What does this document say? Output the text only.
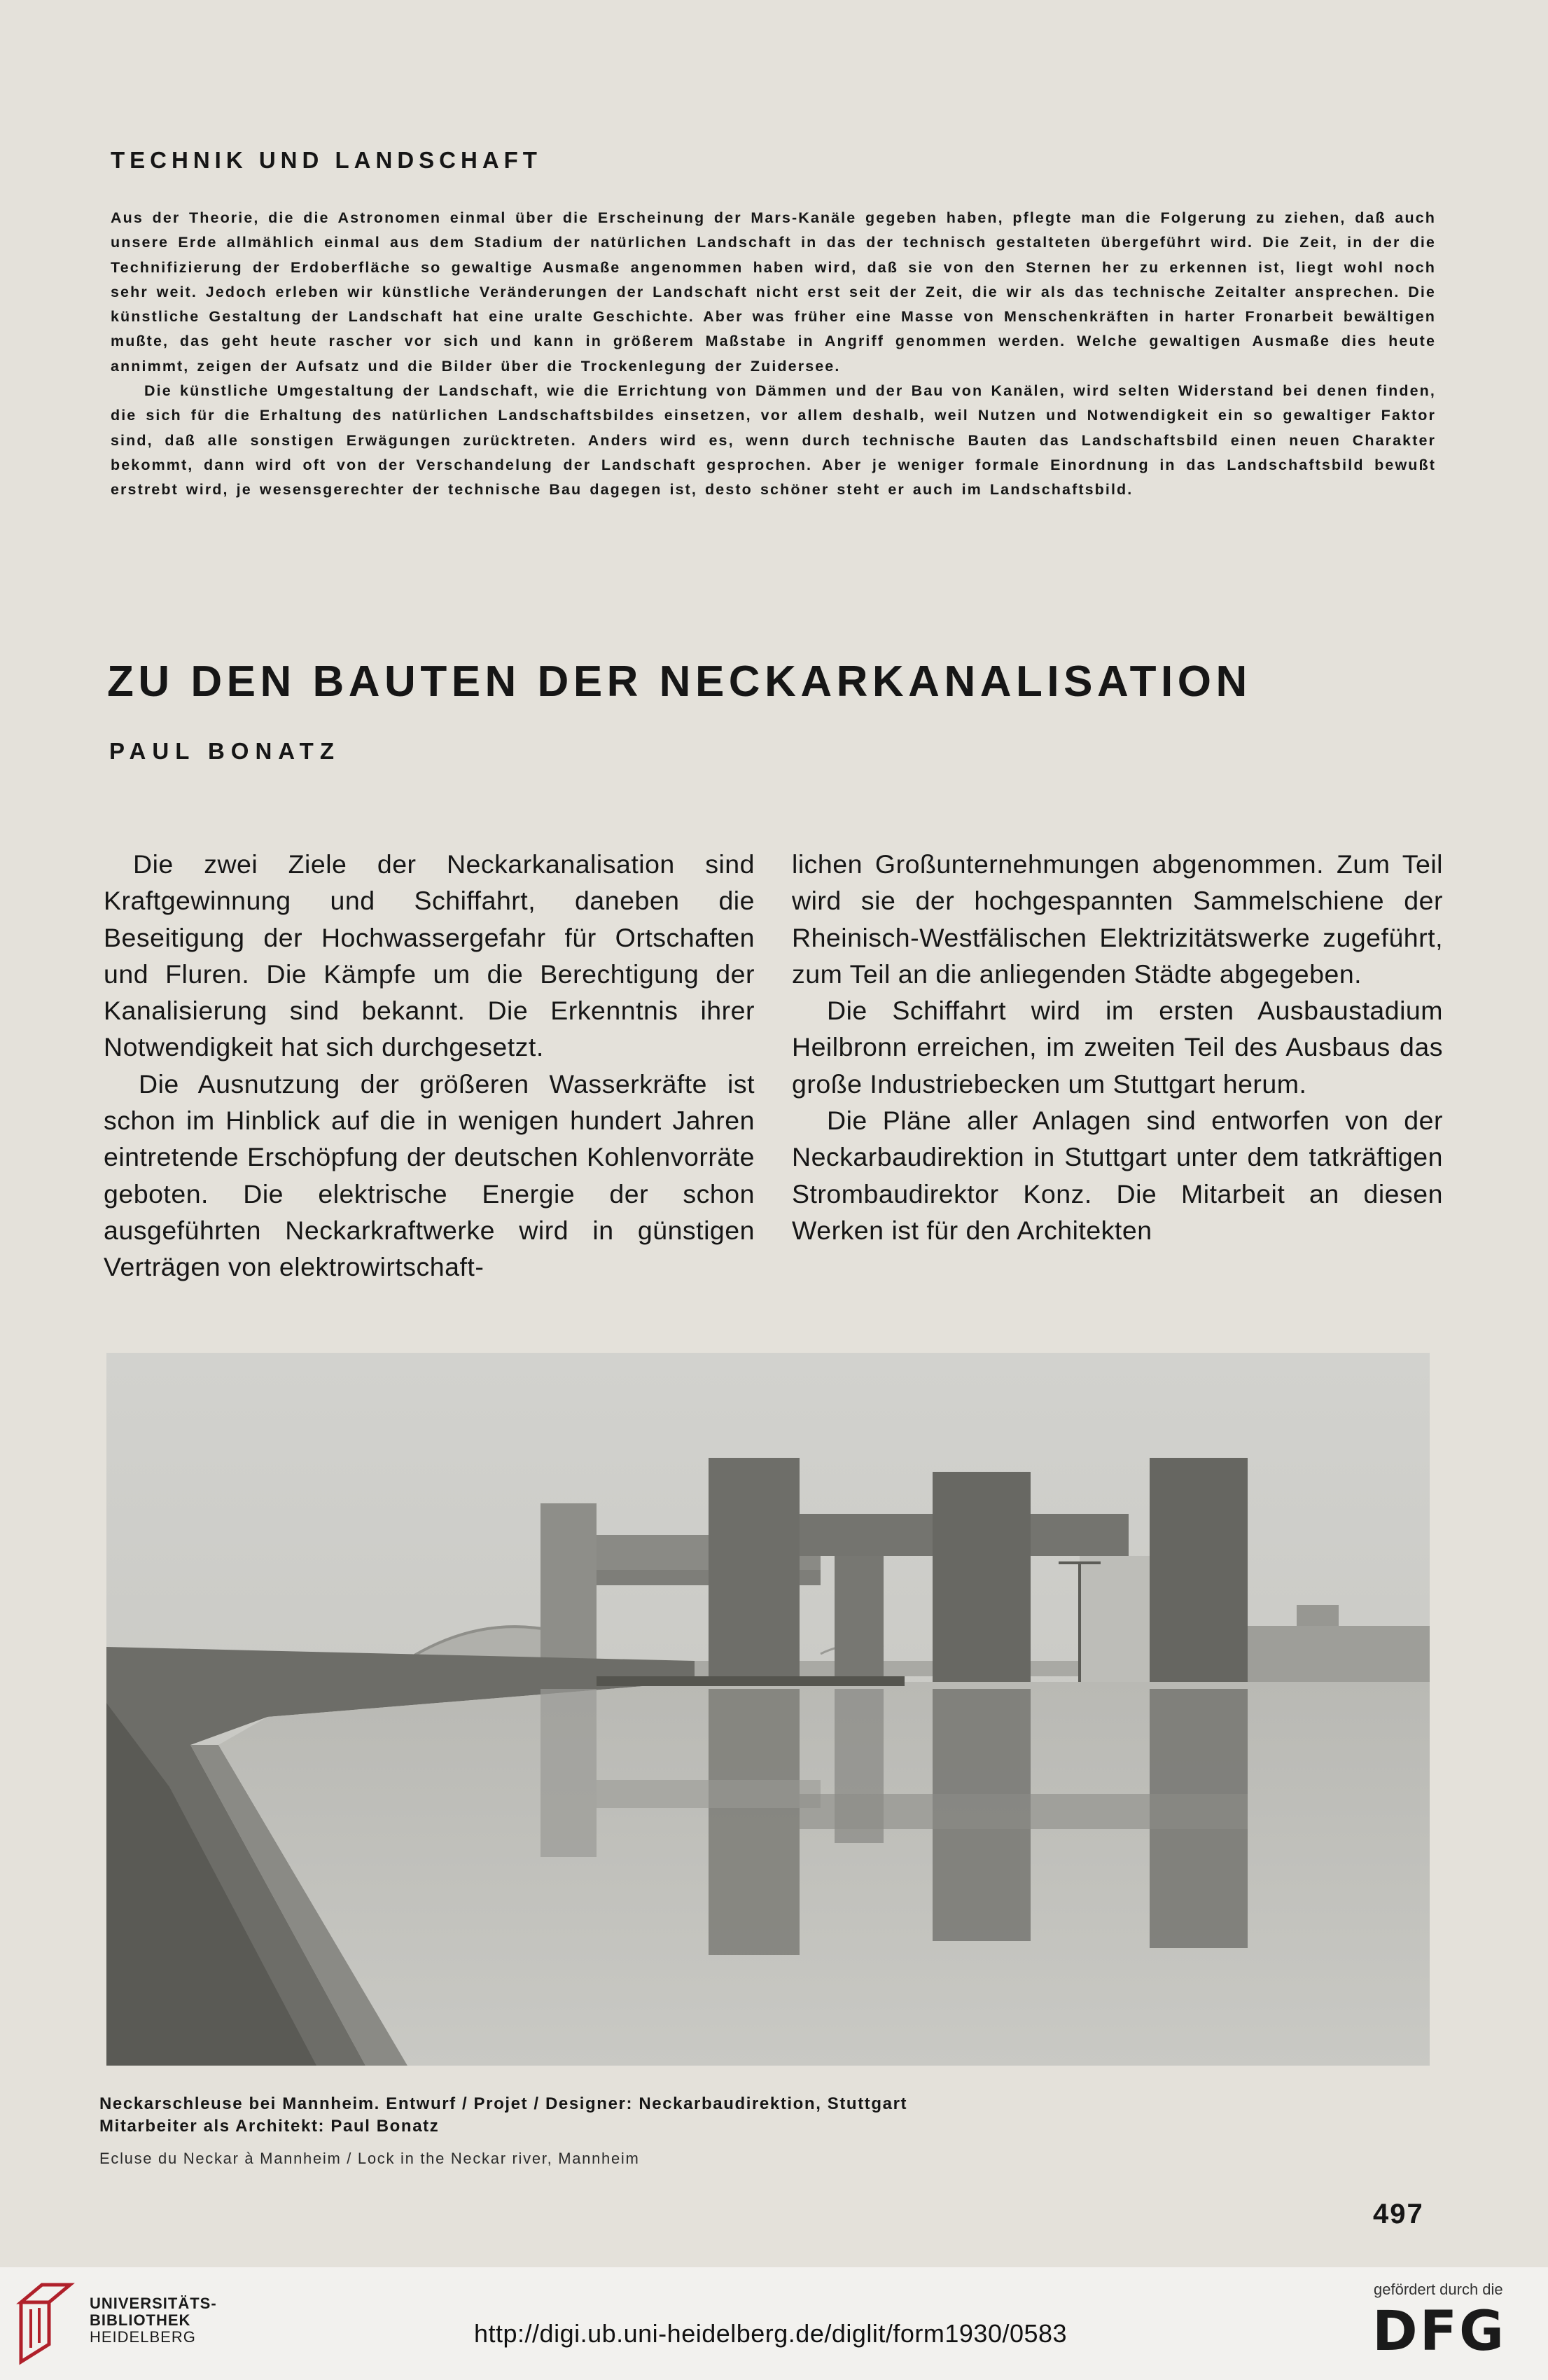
TECHNIK UND LANDSCHAFT

Aus der Theorie, die die Astronomen einmal über die Erscheinung der Mars-Kanäle gegeben haben, pflegte man die Folgerung zu ziehen, daß auch unsere Erde allmählich einmal aus dem Stadium der natürlichen Landschaft in das der technisch gestalteten übergeführt wird. Die Zeit, in der die Technifizierung der Erdoberfläche so gewaltige Ausmaße angenommen haben wird, daß sie von den Sternen her zu erkennen ist, liegt wohl noch sehr weit. Jedoch erleben wir künstliche Veränderungen der Landschaft nicht erst seit der Zeit, die wir als das technische Zeitalter ansprechen. Die künstliche Gestaltung der Landschaft hat eine uralte Geschichte. Aber was früher eine Masse von Menschenkräften in harter Fronarbeit bewältigen mußte, das geht heute rascher vor sich und kann in größerem Maßstabe in Angriff genommen werden. Welche gewaltigen Ausmaße dies heute annimmt, zeigen der Aufsatz und die Bilder über die Trockenlegung der Zuidersee.

Die künstliche Umgestaltung der Landschaft, wie die Errichtung von Dämmen und der Bau von Kanälen, wird selten Widerstand bei denen finden, die sich für die Erhaltung des natürlichen Landschaftsbildes einsetzen, vor allem deshalb, weil Nutzen und Notwendigkeit ein so gewaltiger Faktor sind, daß alle sonstigen Erwägungen zurücktreten. Anders wird es, wenn durch technische Bauten das Landschaftsbild einen neuen Charakter bekommt, dann wird oft von der Verschandelung der Landschaft gesprochen. Aber je weniger formale Einordnung in das Landschaftsbild bewußt erstrebt wird, je wesensgerechter der technische Bau dagegen ist, desto schöner steht er auch im Landschaftsbild.

ZU DEN BAUTEN DER NECKARKANALISATION
PAUL BONATZ

Die zwei Ziele der Neckarkanalisation sind Kraftgewinnung und Schiffahrt, daneben die Beseitigung der Hochwassergefahr für Ortschaften und Fluren. Die Kämpfe um die Berechtigung der Kanalisierung sind bekannt. Die Erkenntnis ihrer Notwendigkeit hat sich durchgesetzt.

Die Ausnutzung der größeren Wasserkräfte ist schon im Hinblick auf die in wenigen hundert Jahren eintretende Erschöpfung der deutschen Kohlenvorräte geboten. Die elektrische Energie der schon ausgeführten Neckarkraftwerke wird in günstigen Verträgen von elektrowirtschaft-

lichen Großunternehmungen abgenommen. Zum Teil wird sie der hochgespannten Sammelschiene der Rheinisch-Westfälischen Elektrizitätswerke zugeführt, zum Teil an die anliegenden Städte abgegeben.

Die Schiffahrt wird im ersten Ausbaustadium Heilbronn erreichen, im zweiten Teil des Ausbaus das große Industriebecken um Stuttgart herum.

Die Pläne aller Anlagen sind entworfen von der Neckarbaudirektion in Stuttgart unter dem tatkräftigen Strombaudirektor Konz. Die Mitarbeit an diesen Werken ist für den Architekten

Neckarschleuse bei Mannheim. Entwurf / Projet / Designer: Neckarbaudirektion, Stuttgart
Mitarbeiter als Architekt: Paul Bonatz
Ecluse du Neckar à Mannheim / Lock in the Neckar river, Mannheim
497
UNIVERSITÄTS-
BIBLIOTHEK
HEIDELBERG	http://digi.ub.uni-heidelberg.de/diglit/form1930/0583
gefördert durch die
DFG
